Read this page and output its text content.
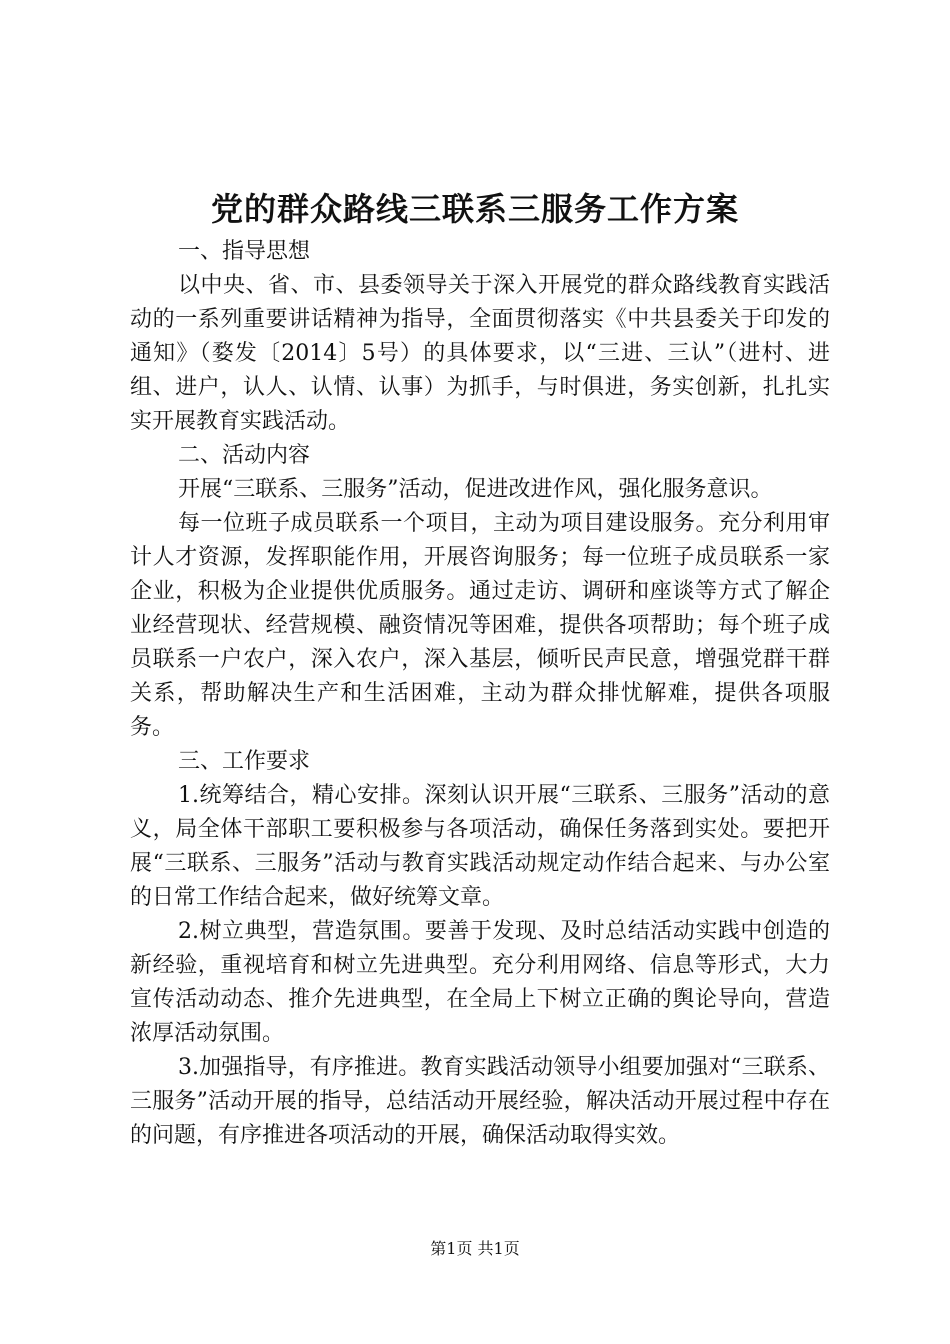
党的群众路线三联系三服务工作方案

一、指导思想

以中央、省、市、县委领导关于深入开展党的群众路线教育实践活动的一系列重要讲话精神为指导，全面贯彻落实《中共县委关于印发的通知》（婺发〔2014〕5号）的具体要求，以“三进、三认”（进村、进组、进户，认人、认情、认事）为抓手，与时俱进，务实创新，扎扎实实开展教育实践活动。

二、活动内容

开展“三联系、三服务”活动，促进改进作风，强化服务意识。

每一位班子成员联系一个项目，主动为项目建设服务。充分利用审计人才资源，发挥职能作用，开展咨询服务；每一位班子成员联系一家企业，积极为企业提供优质服务。通过走访、调研和座谈等方式了解企业经营现状、经营规模、融资情况等困难，提供各项帮助；每个班子成员联系一户农户，深入农户，深入基层，倾听民声民意，增强党群干群关系，帮助解决生产和生活困难，主动为群众排忧解难，提供各项服务。

三、工作要求

1.统筹结合，精心安排。深刻认识开展“三联系、三服务”活动的意义，局全体干部职工要积极参与各项活动，确保任务落到实处。要把开展“三联系、三服务”活动与教育实践活动规定动作结合起来、与办公室的日常工作结合起来，做好统筹文章。

2.树立典型，营造氛围。要善于发现、及时总结活动实践中创造的新经验，重视培育和树立先进典型。充分利用网络、信息等形式，大力宣传活动动态、推介先进典型，在全局上下树立正确的舆论导向，营造浓厚活动氛围。

3.加强指导，有序推进。教育实践活动领导小组要加强对“三联系、三服务”活动开展的指导，总结活动开展经验，解决活动开展过程中存在的问题，有序推进各项活动的开展，确保活动取得实效。

第1页 共1页
